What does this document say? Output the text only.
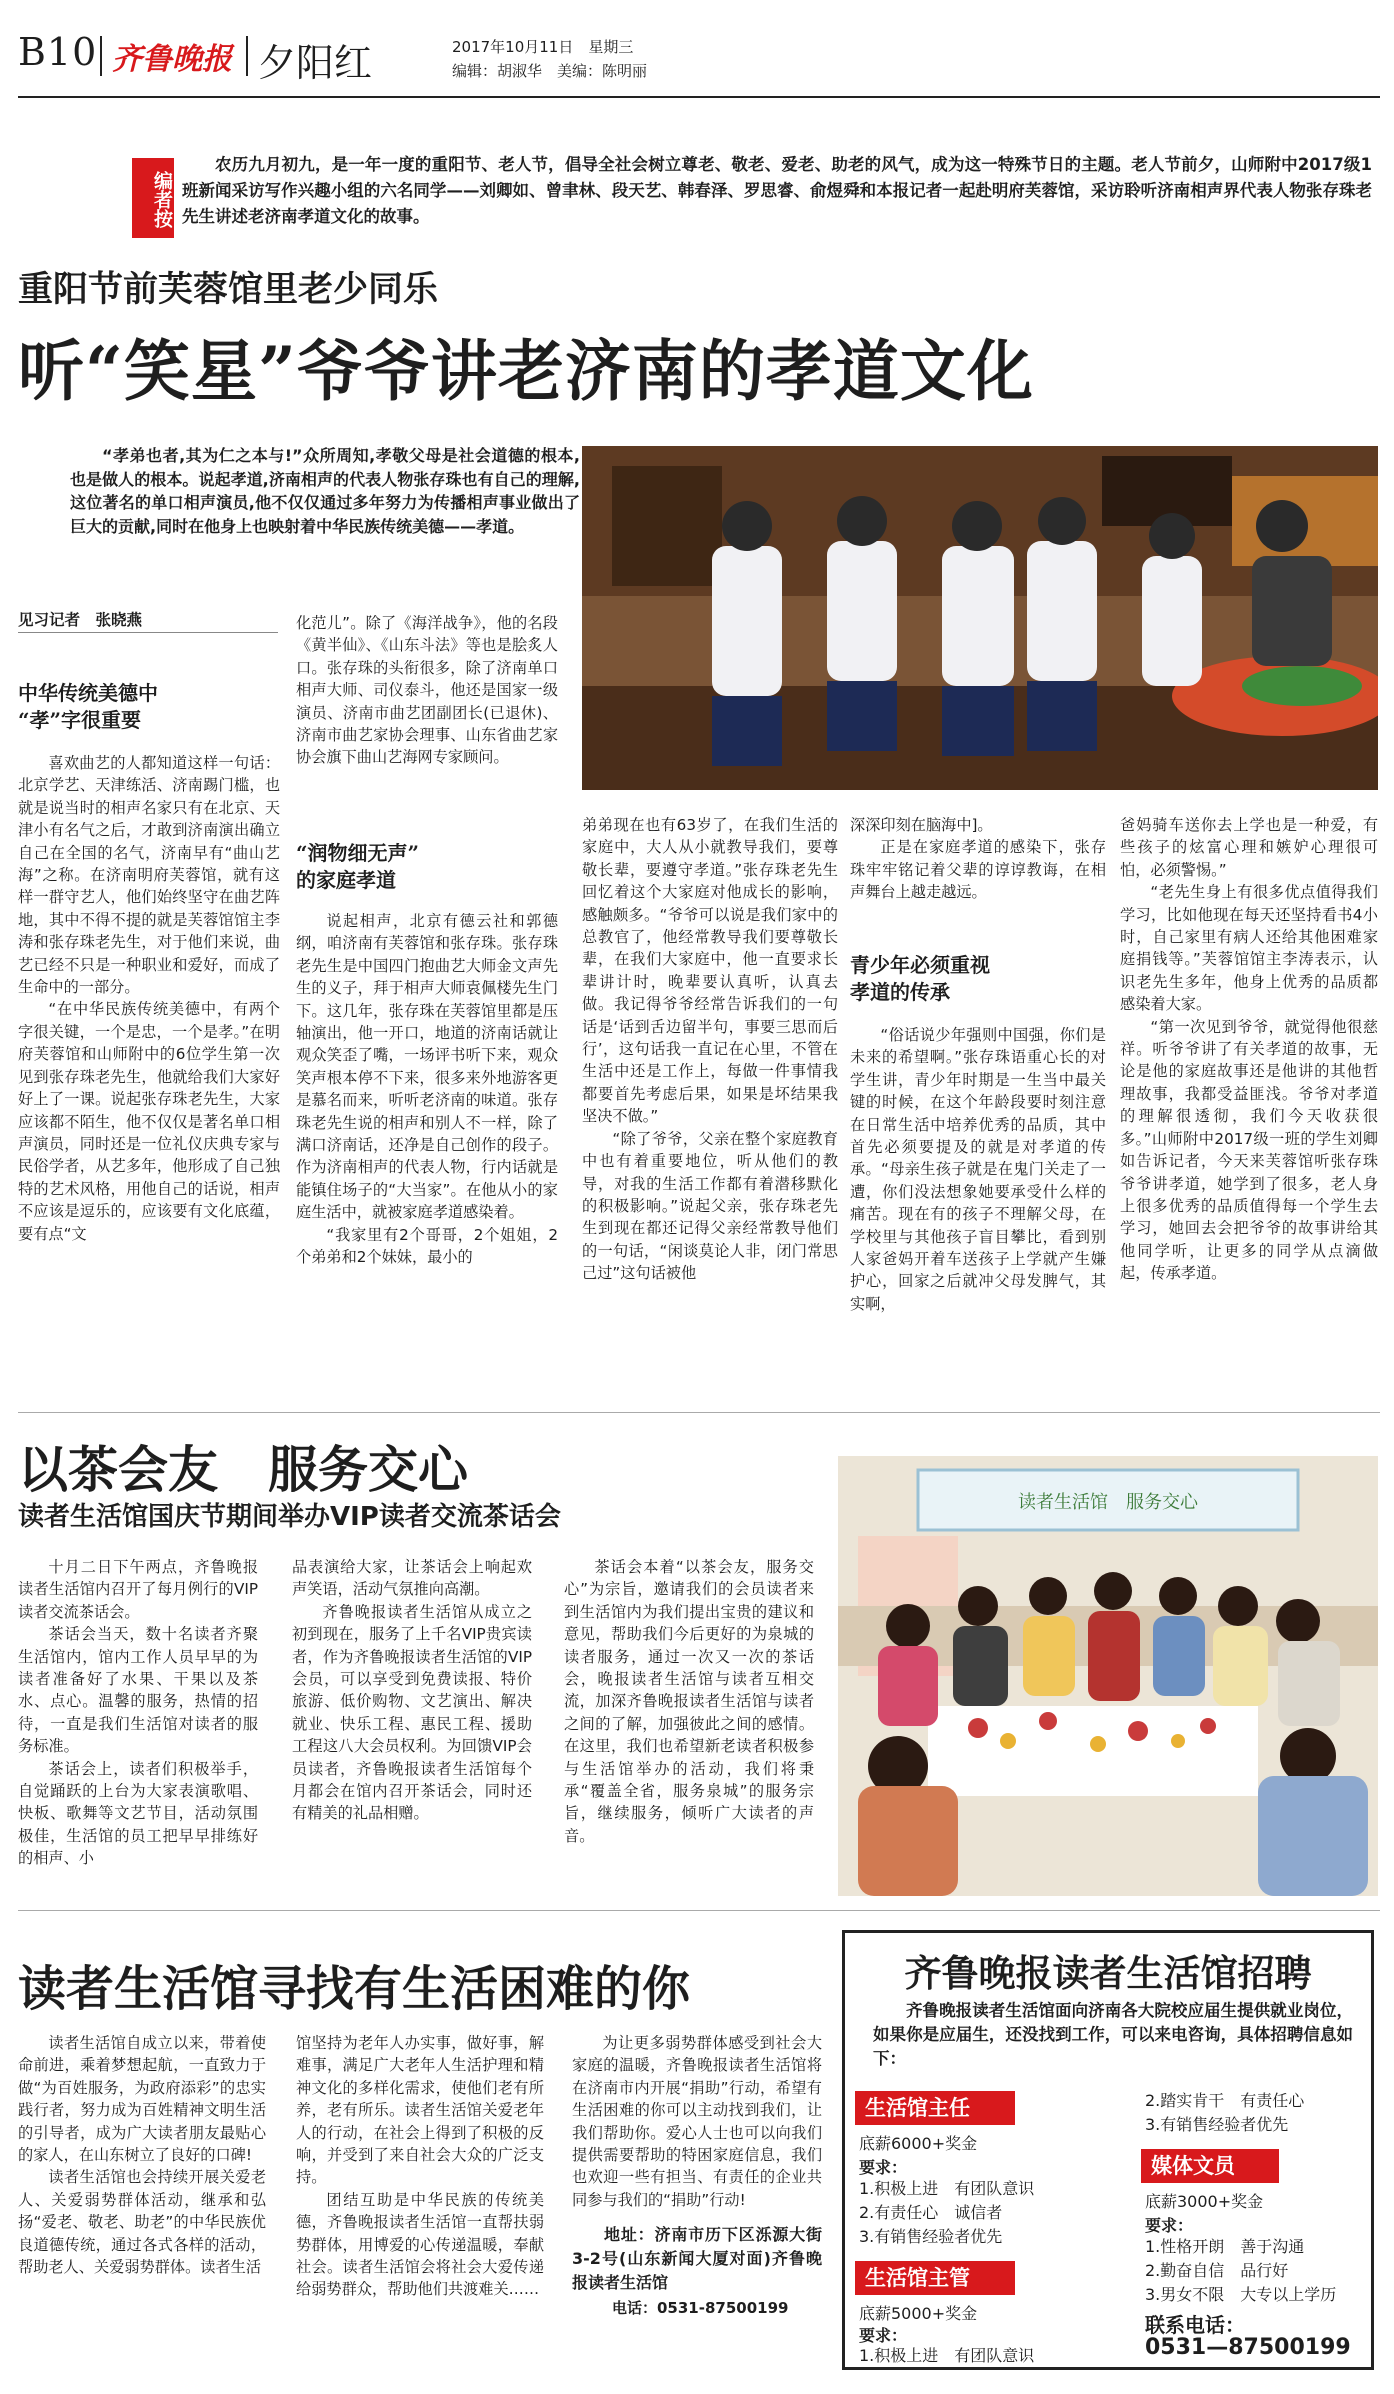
B10 齐鲁晚报 夕阳红	2017年10月11日　 星期三
编辑：胡淑华　美编：陈明丽
编者按
农历九月初九，是一年一度的重阳节、老人节，倡导全社会树立尊老、敬老、爱老、助老的风气，成为这一特殊节日的主题。老人节前夕，山师附中2017级1班新闻采访写作兴趣小组的六名同学——刘卿如、曾聿林、段天艺、韩春泽、罗思睿、俞煜舜和本报记者一起赴明府芙蓉馆，采访聆听济南相声界代表人物张存珠老先生讲述老济南孝道文化的故事。
重阳节前芙蓉馆里老少同乐
听“笑星”爷爷讲老济南的孝道文化
“孝弟也者,其为仁之本与!”众所周知,孝敬父母是社会道德的根本,也是做人的根本。说起孝道,济南相声的代表人物张存珠也有自己的理解,这位著名的单口相声演员,他不仅仅通过多年努力为传播相声事业做出了巨大的贡献,同时在他身上也映射着中华民族传统美德——孝道。
见习记者　张晓燕
中华传统美德中
“孝”字很重要

喜欢曲艺的人都知道这样一句话：北京学艺、天津练活、济南踢门槛，也就是说当时的相声名家只有在北京、天津小有名气之后，才敢到济南演出确立自己在全国的名气，济南早有“曲山艺海”之称。在济南明府芙蓉馆，就有这样一群守艺人，他们始终坚守在曲艺阵地，其中不得不提的就是芙蓉馆馆主李涛和张存珠老先生，对于他们来说，曲艺已经不只是一种职业和爱好，而成了生命中的一部分。

“在中华民族传统美德中，有两个字很关键，一个是忠，一个是孝。”在明府芙蓉馆和山师附中的6位学生第一次见到张存珠老先生，他就给我们大家好好上了一课。说起张存珠老先生，大家应该都不陌生，他不仅仅是著名单口相声演员，同时还是一位礼仪庆典专家与民俗学者，从艺多年，他形成了自己独特的艺术风格，用他自己的话说，相声不应该是逗乐的，应该要有文化底蕴，要有点“文

化范儿”。除了《海洋战争》，他的名段《黄半仙》、《山东斗法》等也是脍炙人口。张存珠的头衔很多，除了济南单口相声大师、司仪泰斗，他还是国家一级演员、济南市曲艺团副团长(已退休)、济南市曲艺家协会理事、山东省曲艺家协会旗下曲山艺海网专家顾问。

“润物细无声”
的家庭孝道

说起相声，北京有德云社和郭德纲，咱济南有芙蓉馆和张存珠。张存珠老先生是中国四门抱曲艺大师金文声先生的义子，拜于相声大师袁佩楼先生门下。这几年，张存珠在芙蓉馆里都是压轴演出，他一开口，地道的济南话就让观众笑歪了嘴，一场评书听下来，观众笑声根本停不下来，很多来外地游客更是慕名而来，听听老济南的味道。张存珠老先生说的相声和别人不一样，除了满口济南话，还净是自己创作的段子。作为济南相声的代表人物，行内话就是能镇住场子的“大当家”。在他从小的家庭生活中，就被家庭孝道感染着。

“我家里有2个哥哥，2个姐姐，2个弟弟和2个妹妹，最小的

弟弟现在也有63岁了，在我们生活的家庭中，大人从小就教导我们，要尊敬长辈，要遵守孝道。”张存珠老先生回忆着这个大家庭对他成长的影响，感触颇多。“爷爷可以说是我们家中的总教官了，他经常教导我们要尊敬长辈，在我们大家庭中，他一直要求长辈讲计时，晚辈要认真听，认真去做。我记得爷爷经常告诉我们的一句话是‘话到舌边留半句，事要三思而后行’，这句话我一直记在心里，不管在生活中还是工作上，每做一件事情我都要首先考虑后果，如果是坏结果我坚决不做。”

“除了爷爷，父亲在整个家庭教育中也有着重要地位，听从他们的教导，对我的生活工作都有着潜移默化的积极影响。”说起父亲，张存珠老先生到现在都还记得父亲经常教导他们的一句话，“闲谈莫论人非，闭门常思己过”这句话被他

深深印刻在脑海中]。

正是在家庭孝道的感染下，张存珠牢牢铭记着父辈的谆谆教诲，在相声舞台上越走越远。

青少年必须重视
孝道的传承

“俗话说少年强则中国强，你们是未来的希望啊。”张存珠语重心长的对学生讲，青少年时期是一生当中最关键的时候，在这个年龄段要时刻注意在日常生活中培养优秀的品质，其中首先必须要提及的就是对孝道的传承。“母亲生孩子就是在鬼门关走了一遭，你们没法想象她要承受什么样的痛苦。现在有的孩子不理解父母，在学校里与其他孩子盲目攀比，看到别人家爸妈开着车送孩子上学就产生嫌护心，回家之后就冲父母发脾气，其实啊，

爸妈骑车送你去上学也是一种爱，有些孩子的炫富心理和嫉妒心理很可怕，必须警惕。”

“老先生身上有很多优点值得我们学习，比如他现在每天还坚持看书4小时，自己家里有病人还给其他困难家庭捐钱等。”芙蓉馆馆主李涛表示，认识老先生多年，他身上优秀的品质都感染着大家。

“第一次见到爷爷，就觉得他很慈祥。听爷爷讲了有关孝道的故事，无论是他的家庭故事还是他讲的其他哲理故事，我都受益匪浅。爷爷对孝道的理解很透彻，我们今天收获很多。”山师附中2017级一班的学生刘卿如告诉记者，今天来芙蓉馆听张存珠爷爷讲孝道，她学到了很多，老人身上很多优秀的品质值得每一个学生去学习，她回去会把爷爷的故事讲给其他同学听，让更多的同学从点滴做起，传承孝道。

以茶会友　服务交心
读者生活馆国庆节期间举办VIP读者交流茶话会

十月二日下午两点，齐鲁晚报读者生活馆内召开了每月例行的VIP读者交流茶话会。

茶话会当天，数十名读者齐聚生活馆内，馆内工作人员早早的为读者准备好了水果、干果以及茶水、点心。温馨的服务，热情的招待，一直是我们生活馆对读者的服务标准。

茶话会上，读者们积极举手，自觉踊跃的上台为大家表演歌唱、快板、歌舞等文艺节目，活动氛围极佳，生活馆的员工把早早排练好的相声、小

品表演给大家，让茶话会上响起欢声笑语，活动气氛推向高潮。

齐鲁晚报读者生活馆从成立之初到现在，服务了上千名VIP贵宾读者，作为齐鲁晚报读者生活馆的VIP会员，可以享受到免费读报、特价旅游、低价购物、文艺演出、解决就业、快乐工程、惠民工程、援助工程这八大会员权利。为回馈VIP会员读者，齐鲁晚报读者生活馆每个月都会在馆内召开茶话会，同时还有精美的礼品相赠。

茶话会本着“以茶会友，服务交心”为宗旨，邀请我们的会员读者来到生活馆内为我们提出宝贵的建议和意见，帮助我们今后更好的为泉城的读者服务，通过一次又一次的茶话会，晚报读者生活馆与读者互相交流，加深齐鲁晚报读者生活馆与读者之间的了解，加强彼此之间的感情。在这里，我们也希望新老读者积极参与生活馆举办的活动，我们将秉承“覆盖全省，服务泉城”的服务宗旨，继续服务，倾听广大读者的声音。

读者生活馆　服务交心
读者生活馆寻找有生活困难的你

读者生活馆自成立以来，带着使命前进，乘着梦想起航，一直致力于做“为百姓服务，为政府添彩”的忠实践行者，努力成为百姓精神文明生活的引导者，成为广大读者朋友最贴心的家人，在山东树立了良好的口碑!

读者生活馆也会持续开展关爱老人、关爱弱势群体活动，继承和弘扬“爱老、敬老、助老”的中华民族优良道德传统，通过各式各样的活动，帮助老人、关爱弱势群体。读者生活

馆坚持为老年人办实事，做好事，解难事，满足广大老年人生活护理和精神文化的多样化需求，使他们老有所养，老有所乐。读者生活馆关爱老年人的行动，在社会上得到了积极的反响，并受到了来自社会大众的广泛支持。

团结互助是中华民族的传统美德，齐鲁晚报读者生活馆一直帮扶弱势群体，用博爱的心传递温暖，奉献社会。读者生活馆会将社会大爱传递给弱势群众，帮助他们共渡难关……

为让更多弱势群体感受到社会大家庭的温暖，齐鲁晚报读者生活馆将在济南市内开展“捐助”行动，希望有生活困难的你可以主动找到我们，让我们帮助你。爱心人士也可以向我们提供需要帮助的特困家庭信息，我们也欢迎一些有担当、有责任的企业共同参与我们的“捐助”行动!

地址：济南市历下区泺源大街3-2号(山东新闻大厦对面)齐鲁晚报读者生活馆
电话：0531-87500199
齐鲁晚报读者生活馆招聘
齐鲁晚报读者生活馆面向济南各大院校应届生提供就业岗位，如果你是应届生，还没找到工作，可以来电咨询，具体招聘信息如下：
生活馆主任
底薪6000+奖金
要求：
1.积极上进　有团队意识
2.有责任心　诚信者
3.有销售经验者优先
生活馆主管
底薪5000+奖金
要求：
1.积极上进　有团队意识
2.踏实肯干　有责任心
3.有销售经验者优先
媒体文员
底薪3000+奖金
要求：
1.性格开朗　善于沟通
2.勤奋自信　品行好
3.男女不限　大专以上学历
联系电话：
0531—87500199
